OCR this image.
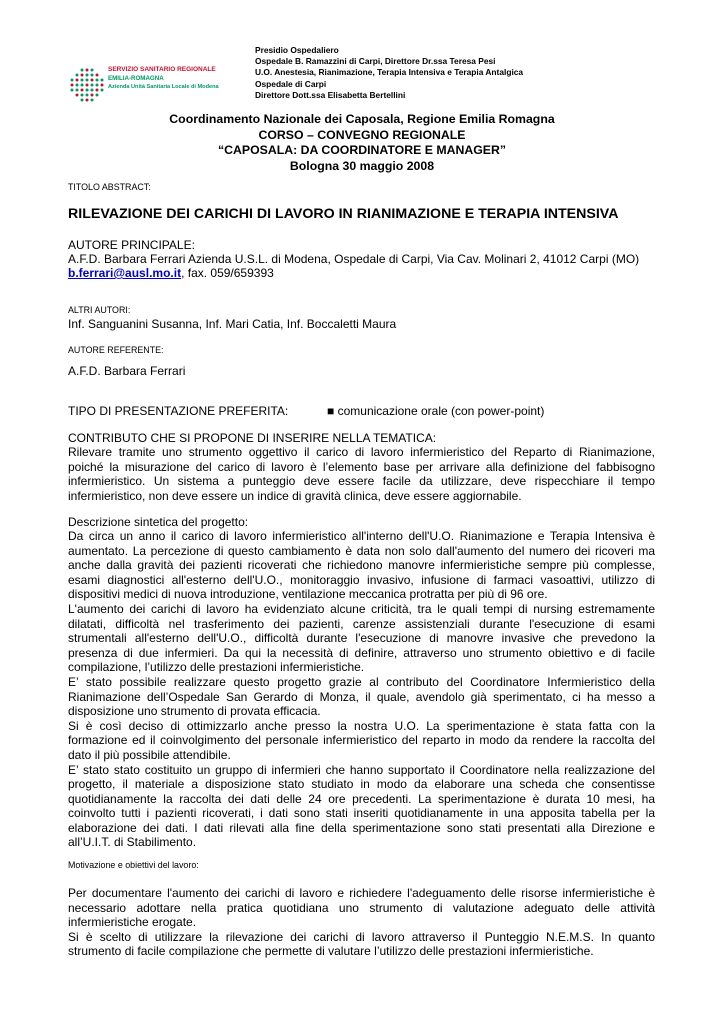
SERVIZIO SANITARIO REGIONALE
EMILIA-ROMAGNA
Azienda Unità Sanitaria Locale di Modena
Presidio Ospedaliero
Ospedale B. Ramazzini di Carpi, Direttore Dr.ssa Teresa Pesi
U.O. Anestesia, Rianimazione, Terapia Intensiva e Terapia Antalgica
Ospedale di Carpi
Direttore Dott.ssa Elisabetta Bertellini
Coordinamento Nazionale dei Caposala, Regione Emilia Romagna
CORSO – CONVEGNO REGIONALE
“CAPOSALA: DA COORDINATORE E MANAGER”
Bologna 30 maggio 2008
TITOLO ABSTRACT:
RILEVAZIONE DEI CARICHI DI LAVORO IN RIANIMAZIONE E TERAPIA INTENSIVA
AUTORE PRINCIPALE:
A.F.D. Barbara Ferrari Azienda U.S.L. di Modena, Ospedale di Carpi, Via Cav. Molinari 2, 41012 Carpi (MO)
b.ferrari@ausl.mo.it, fax. 059/659393
ALTRI AUTORI:
Inf. Sanguanini Susanna, Inf. Mari Catia, Inf. Boccaletti Maura
AUTORE REFERENTE:
A.F.D. Barbara Ferrari
TIPO DI PRESENTAZIONE PREFERITA:	■ comunicazione orale (con power-point)
CONTRIBUTO CHE SI PROPONE DI INSERIRE NELLA TEMATICA:
Rilevare tramite uno strumento oggettivo il carico di lavoro infermieristico del Reparto di Rianimazione,
poiché la misurazione del carico di lavoro è l’elemento base per arrivare alla definizione del fabbisogno
infermieristico. Un sistema a punteggio deve essere facile da utilizzare, deve rispecchiare il tempo
infermieristico, non deve essere un indice di gravità clinica, deve essere aggiornabile.
Descrizione sintetica del progetto:
Da circa un anno il carico di lavoro infermieristico all'interno dell'U.O. Rianimazione e Terapia Intensiva è
aumentato. La percezione di questo cambiamento è data non solo dall'aumento del numero dei ricoveri ma
anche dalla gravità dei pazienti ricoverati che richiedono manovre infermieristiche sempre più complesse,
esami diagnostici all'esterno dell'U.O., monitoraggio invasivo, infusione di farmaci vasoattivi, utilizzo di
dispositivi medici di nuova introduzione, ventilazione meccanica protratta per più di 96 ore.
L'aumento dei carichi di lavoro ha evidenziato alcune criticità, tra le quali tempi di nursing estremamente
dilatati, difficoltà nel trasferimento dei pazienti, carenze assistenziali durante l'esecuzione di esami
strumentali all'esterno dell'U.O., difficoltà durante l'esecuzione di manovre invasive che prevedono la
presenza di due infermieri. Da qui la necessità di definire, attraverso uno strumento obiettivo e di facile
compilazione, l’utilizzo delle prestazioni infermieristiche.
E’ stato possibile realizzare questo progetto grazie al contributo del Coordinatore Infermieristico della
Rianimazione dell’Ospedale San Gerardo di Monza, il quale, avendolo già sperimentato, ci ha messo a
disposizione uno strumento di provata efficacia.
Si è così deciso di ottimizzarlo anche presso la nostra U.O. La sperimentazione è stata fatta con la
formazione ed il coinvolgimento del personale infermieristico del reparto in modo da rendere la raccolta del
dato il più possibile attendibile.
E’ stato stato costituito un gruppo di infermieri che hanno supportato il Coordinatore nella realizzazione del
progetto, il materiale a disposizione stato studiato in modo da elaborare una scheda che consentisse
quotidianamente la raccolta dei dati delle 24 ore precedenti. La sperimentazione è durata 10 mesi, ha
coinvolto tutti i pazienti ricoverati, i dati sono stati inseriti quotidianamente in una apposita tabella per la
elaborazione dei dati. I dati rilevati alla fine della sperimentazione sono stati presentati alla Direzione e
all’U.I.T. di Stabilimento.
Motivazione e obiettivi del lavoro:
Per documentare l'aumento dei carichi di lavoro e richiedere l'adeguamento delle risorse infermieristiche è
necessario adottare nella pratica quotidiana uno strumento di valutazione adeguato delle attività
infermieristiche erogate.
Si è scelto di utilizzare la rilevazione dei carichi di lavoro attraverso il Punteggio N.E.M.S. In quanto
strumento di facile compilazione che permette di valutare l’utilizzo delle prestazioni infermieristiche.
